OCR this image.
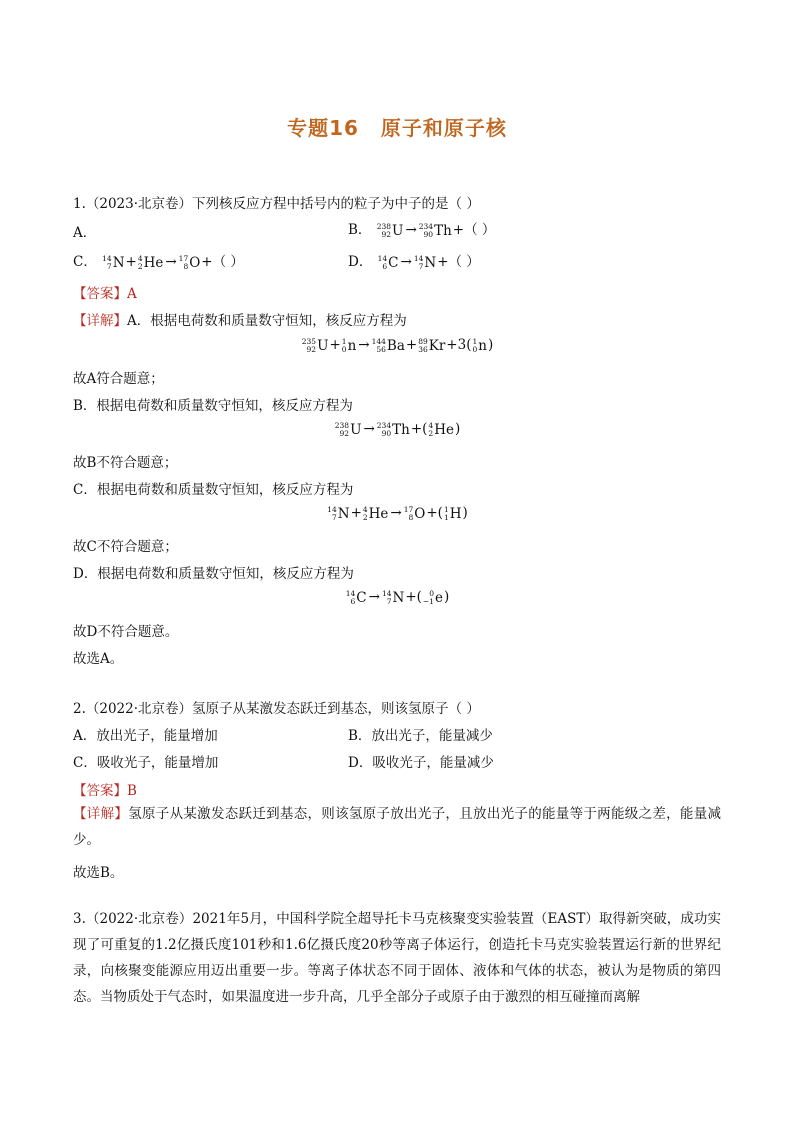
专题16 原子和原子核
1.（2023·北京卷）下列核反应方程中括号内的粒子为中子的是（ ）
A．	B． 238
92 U → 234
90 Th +（ ）
C． 14
7 N + 4
2 He → 17
8 O +（ ）	D． 14
6 C → 14
7 N +（ ）
【答案】A
【详解】A．根据电荷数和质量数守恒知，核反应方程为
235
92 U + 1
0 n → 144
56 Ba + 89
36 Kr +3( 1
0 n )
故A符合题意；
B．根据电荷数和质量数守恒知，核反应方程为
238
92 U → 234
90 Th +( 4
2 He )
故B不符合题意；
C．根据电荷数和质量数守恒知，核反应方程为
14
7 N + 4
2 He → 17
8 O +( 1
1 H )
故C不符合题意；
D．根据电荷数和质量数守恒知，核反应方程为
14
6 C → 14
7 N +( 0
−1 e )
故D不符合题意。
故选A。
2.（2022·北京卷）氢原子从某激发态跃迁到基态，则该氢原子（ ）
A．放出光子，能量增加	B．放出光子，能量减少
C．吸收光子，能量增加	D．吸收光子，能量减少
【答案】B
【详解】氢原子从某激发态跃迁到基态，则该氢原子放出光子，且放出光子的能量等于两能级之差，能量减少。
故选B。
3.（2022·北京卷）2021年5月，中国科学院全超导托卡马克核聚变实验装置（EAST）取得新突破，成功实现了可重复的1.2亿摄氏度101秒和1.6亿摄氏度20秒等离子体运行，创造托卡马克实验装置运行新的世界纪录，向核聚变能源应用迈出重要一步。等离子体状态不同于固体、液体和气体的状态，被认为是物质的第四态。当物质处于气态时，如果温度进一步升高，几乎全部分子或原子由于激烈的相互碰撞而离解
